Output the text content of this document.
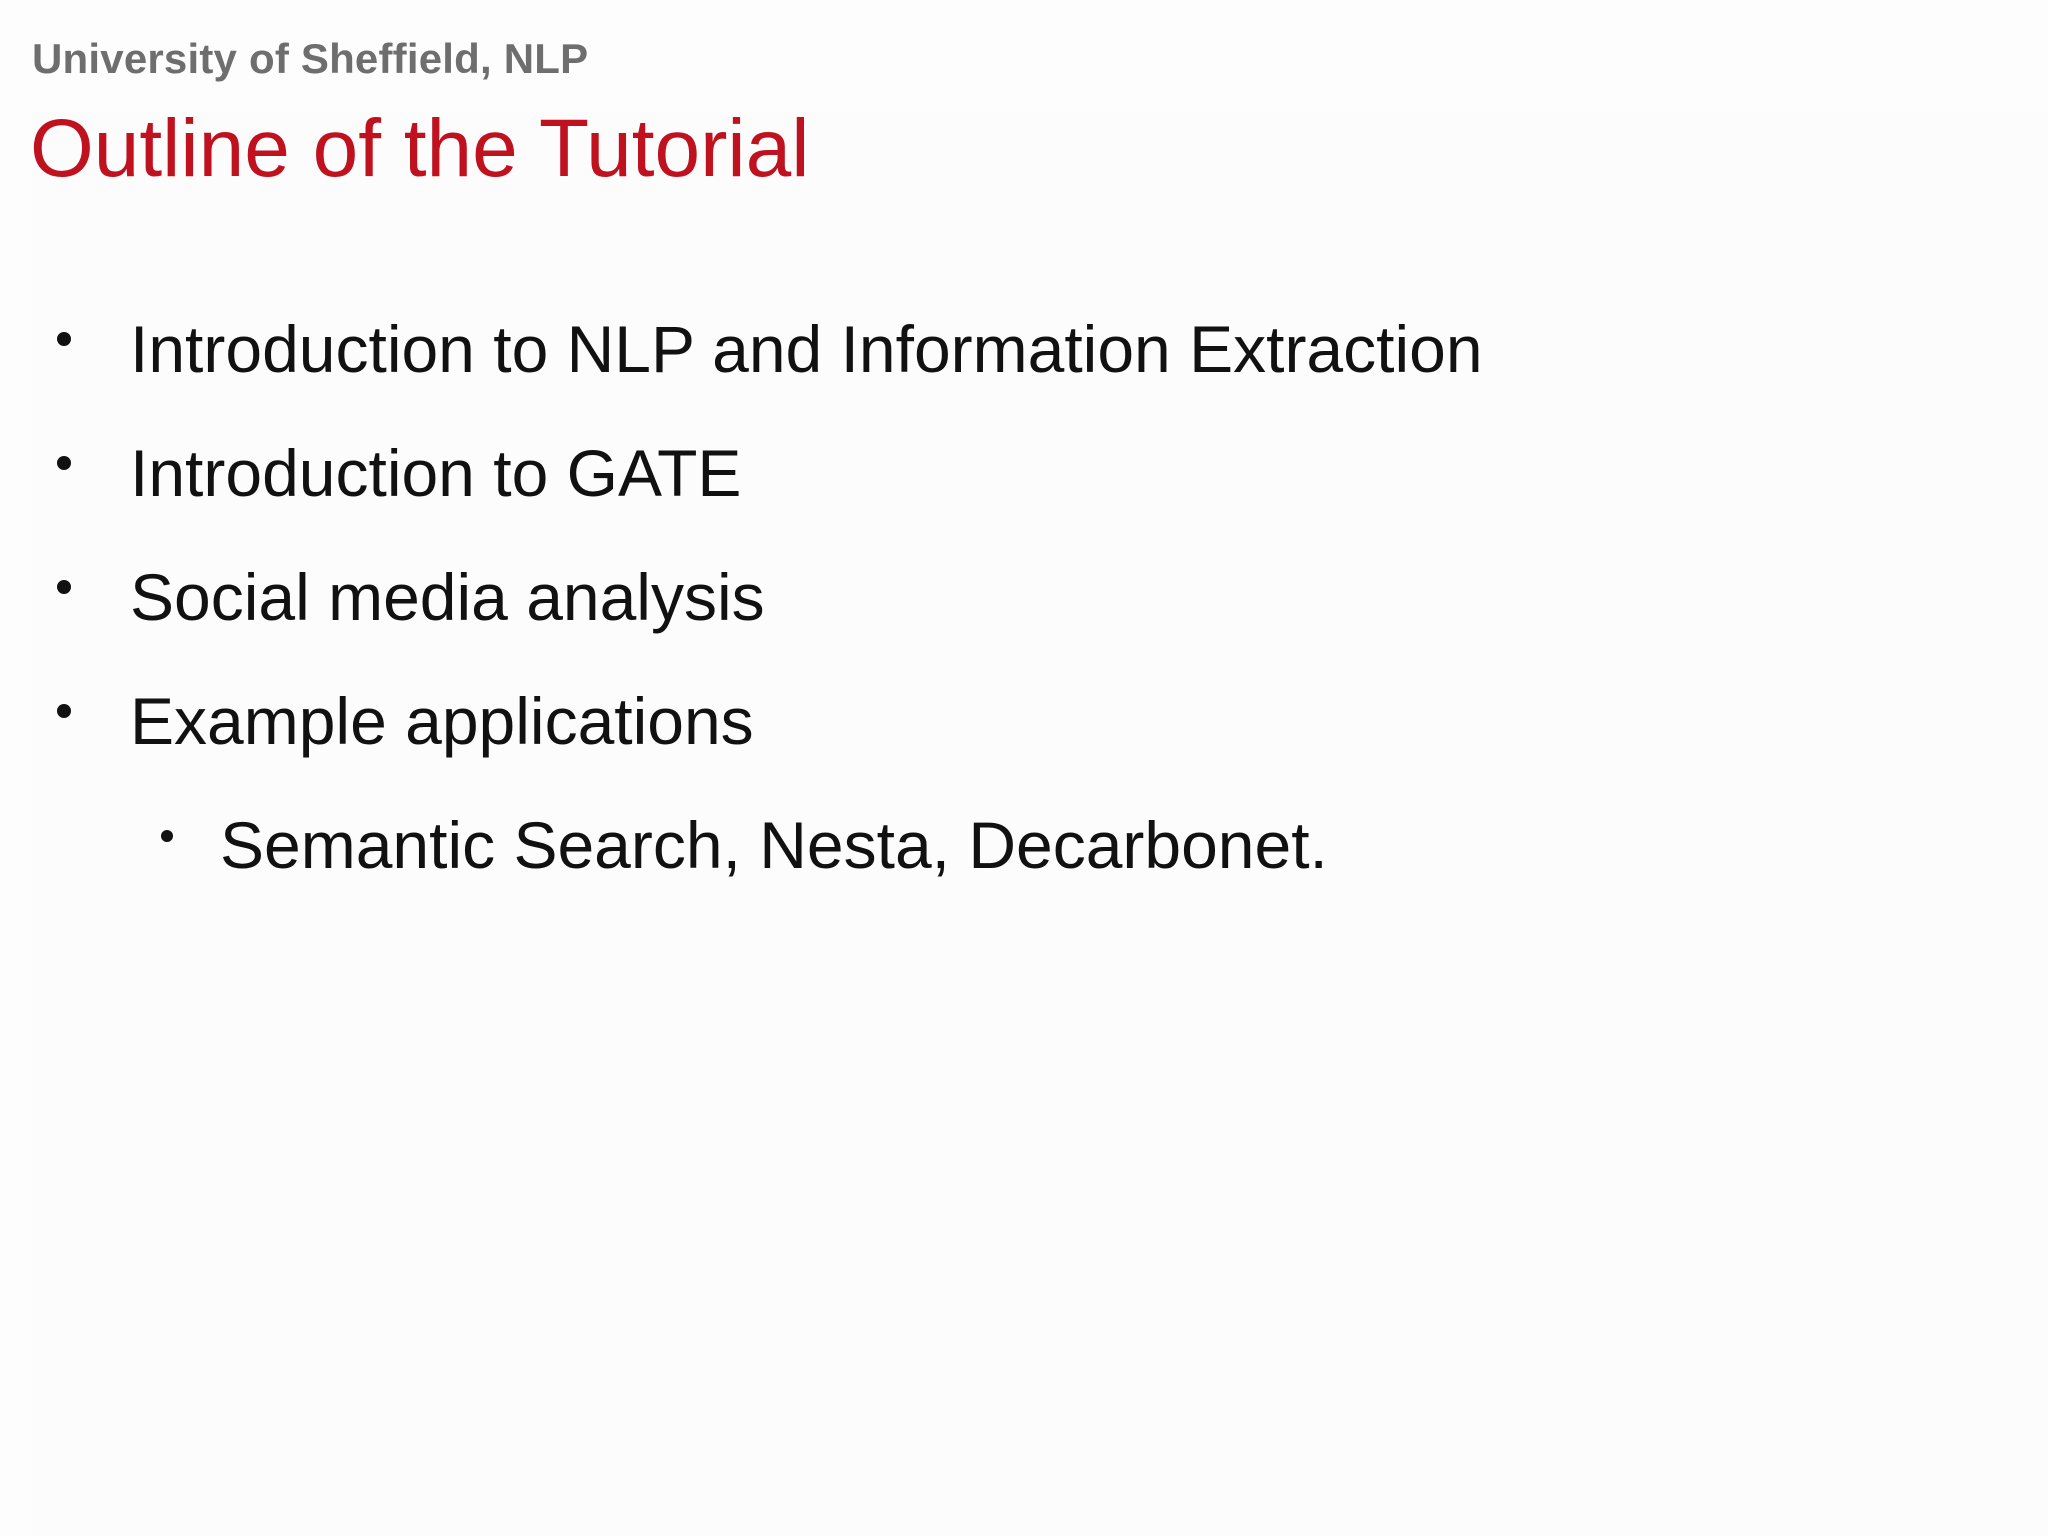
University of Sheffield, NLP
Outline of the Tutorial
Introduction to NLP and Information Extraction
Introduction to GATE
Social media analysis
Example applications
Semantic Search, Nesta, Decarbonet.
